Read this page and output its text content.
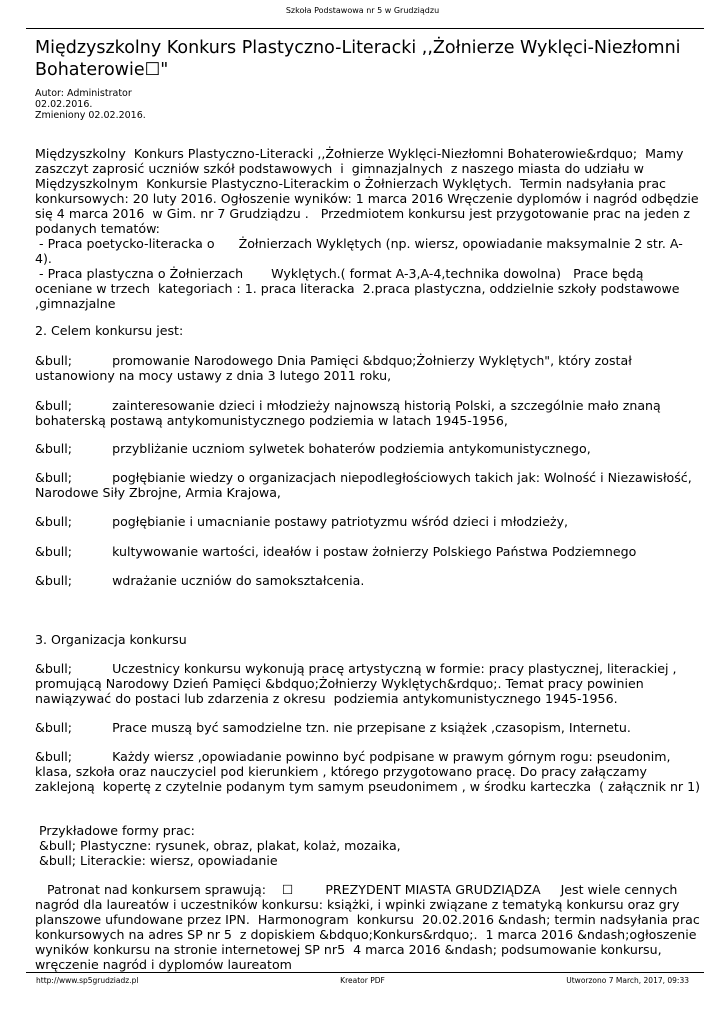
Szkoła Podstawowa nr 5 w Grudziądzu
Międzyszkolny Konkurs Plastyczno-Literacki ,,Żołnierze Wyklęci-Niezłomni Bohaterowie☐"
Autor: Administrator
02.02.2016.
Zmieniony 02.02.2016.
Międzyszkolny  Konkurs Plastyczno-Literacki ,,Żołnierze Wyklęci-Niezłomni Bohaterowie&rdquo;  Mamy
zaszczyt zaprosić uczniów szkół podstawowych  i  gimnazjalnych  z naszego miasta do udziału w
Międzyszkolnym  Konkursie Plastyczno-Literackim o Żołnierzach Wyklętych.  Termin nadsyłania prac
konkursowych: 20 luty 2016. Ogłoszenie wyników: 1 marca 2016 Wręczenie dyplomów i nagród odbędzie
się 4 marca 2016  w Gim. nr 7 Grudziądzu .   Przedmiotem konkursu jest przygotowanie prac na jeden z
podanych tematów:
- Praca poetycko-literacka o      Żołnierzach Wyklętych (np. wiersz, opowiadanie maksymalnie 2 str. A-
4).
- Praca plastyczna o Żołnierzach       Wyklętych.( format A-3,A-4,technika dowolna)   Prace będą
oceniane w trzech  kategoriach : 1. praca literacka  2.praca plastyczna, oddzielnie szkoły podstawowe
,gimnazjalne
2. Celem konkursu jest:
&bull;          promowanie Narodowego Dnia Pamięci &bdquo;Żołnierzy Wyklętych", który został
ustanowiony na mocy ustawy z dnia 3 lutego 2011 roku,
&bull;          zainteresowanie dzieci i młodzieży najnowszą historią Polski, a szczególnie mało znaną
bohaterską postawą antykomunistycznego podziemia w latach 1945-1956,
&bull;          przybliżanie uczniom sylwetek bohaterów podziemia antykomunistycznego,
&bull;          pogłębianie wiedzy o organizacjach niepodległościowych takich jak: Wolność i Niezawisłość,
Narodowe Siły Zbrojne, Armia Krajowa,
&bull;          pogłębianie i umacnianie postawy patriotyzmu wśród dzieci i młodzieży,
&bull;          kultywowanie wartości, ideałów i postaw żołnierzy Polskiego Państwa Podziemnego
&bull;          wdrażanie uczniów do samokształcenia.
3. Organizacja konkursu
&bull;          Uczestnicy konkursu wykonują pracę artystyczną w formie: pracy plastycznej, literackiej ,
promującą Narodowy Dzień Pamięci &bdquo;Żołnierzy Wyklętych&rdquo;. Temat pracy powinien
nawiązywać do postaci lub zdarzenia z okresu  podziemia antykomunistycznego 1945-1956.
&bull;          Prace muszą być samodzielne tzn. nie przepisane z książek ,czasopism, Internetu.
&bull;          Każdy wiersz ,opowiadanie powinno być podpisane w prawym górnym rogu: pseudonim,
klasa, szkoła oraz nauczyciel pod kierunkiem , którego przygotowano pracę. Do pracy załączamy
zaklejoną  kopertę z czytelnie podanym tym samym pseudonimem , w środku karteczka  ( załącznik nr 1)
Przykładowe formy prac:
&bull; Plastyczne: rysunek, obraz, plakat, kolaż, mozaika,
&bull; Literackie: wiersz, opowiadanie
Patronat nad konkursem sprawują:    ☐        PREZYDENT MIASTA GRUDZIĄDZA     Jest wiele cennych
nagród dla laureatów i uczestników konkursu: książki, i wpinki związane z tematyką konkursu oraz gry
planszowe ufundowane przez IPN.  Harmonogram  konkursu  20.02.2016 &ndash; termin nadsyłania prac
konkursowych na adres SP nr 5  z dopiskiem &bdquo;Konkurs&rdquo;.  1 marca 2016 &ndash;ogłoszenie
wyników konkursu na stronie internetowej SP nr5  4 marca 2016 &ndash; podsumowanie konkursu,
wręczenie nagród i dyplomów laureatom
http://www.sp5grudziadz.pl	Kreator PDF	Utworzono 7 March, 2017, 09:33
